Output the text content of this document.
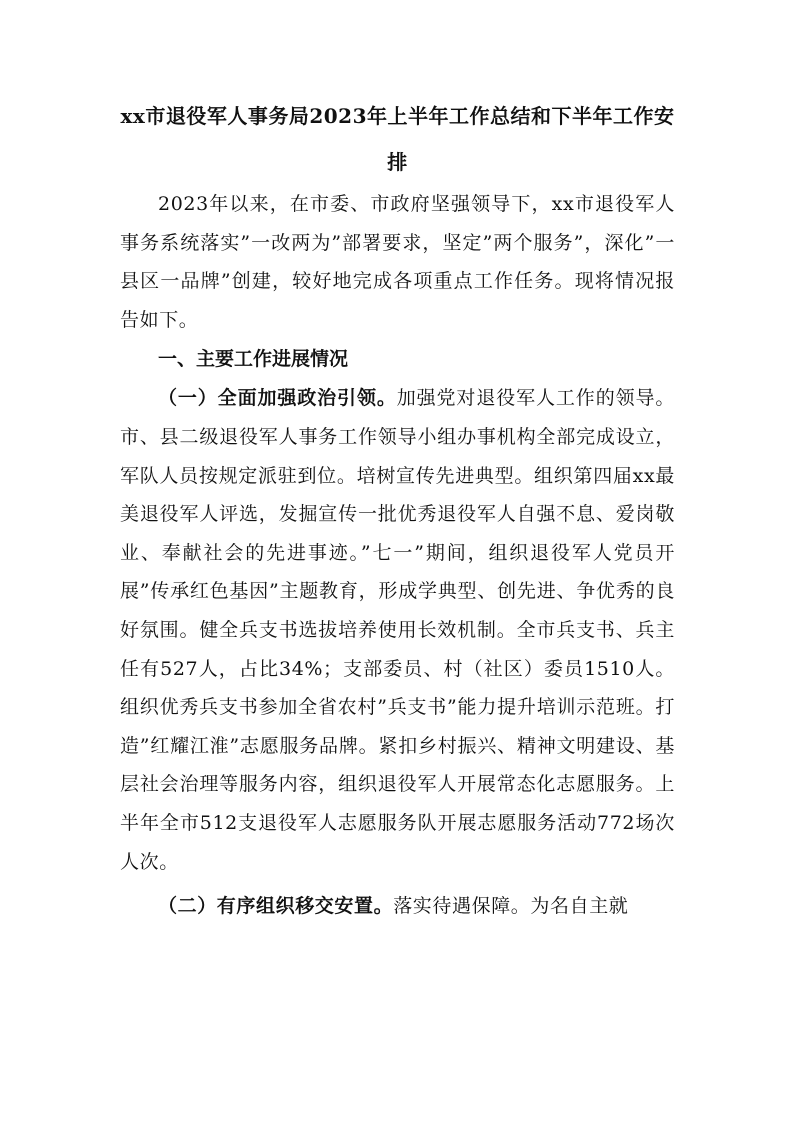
xx市退役军人事务局2023年上半年工作总结和下半年工作安排

2023年以来，在市委、市政府坚强领导下，xx市退役军人事务系统落实”一改两为”部署要求，坚定”两个服务”，深化”一县区一品牌”创建，较好地完成各项重点工作任务。现将情况报告如下。

一、主要工作进展情况

（一）全面加强政治引领。加强党对退役军人工作的领导。市、县二级退役军人事务工作领导小组办事机构全部完成设立，军队人员按规定派驻到位。培树宣传先进典型。组织第四届xx最美退役军人评选，发掘宣传一批优秀退役军人自强不息、爱岗敬业、奉献社会的先进事迹。”七一”期间，组织退役军人党员开展”传承红色基因”主题教育，形成学典型、创先进、争优秀的良好氛围。健全兵支书选拔培养使用长效机制。全市兵支书、兵主任有527人，占比34%；支部委员、村（社区）委员1510人。组织优秀兵支书参加全省农村”兵支书”能力提升培训示范班。打造”红耀江淮”志愿服务品牌。紧扣乡村振兴、精神文明建设、基层社会治理等服务内容，组织退役军人开展常态化志愿服务。上半年全市512支退役军人志愿服务队开展志愿服务活动772场次人次。

（二）有序组织移交安置。落实待遇保障。为名自主就
